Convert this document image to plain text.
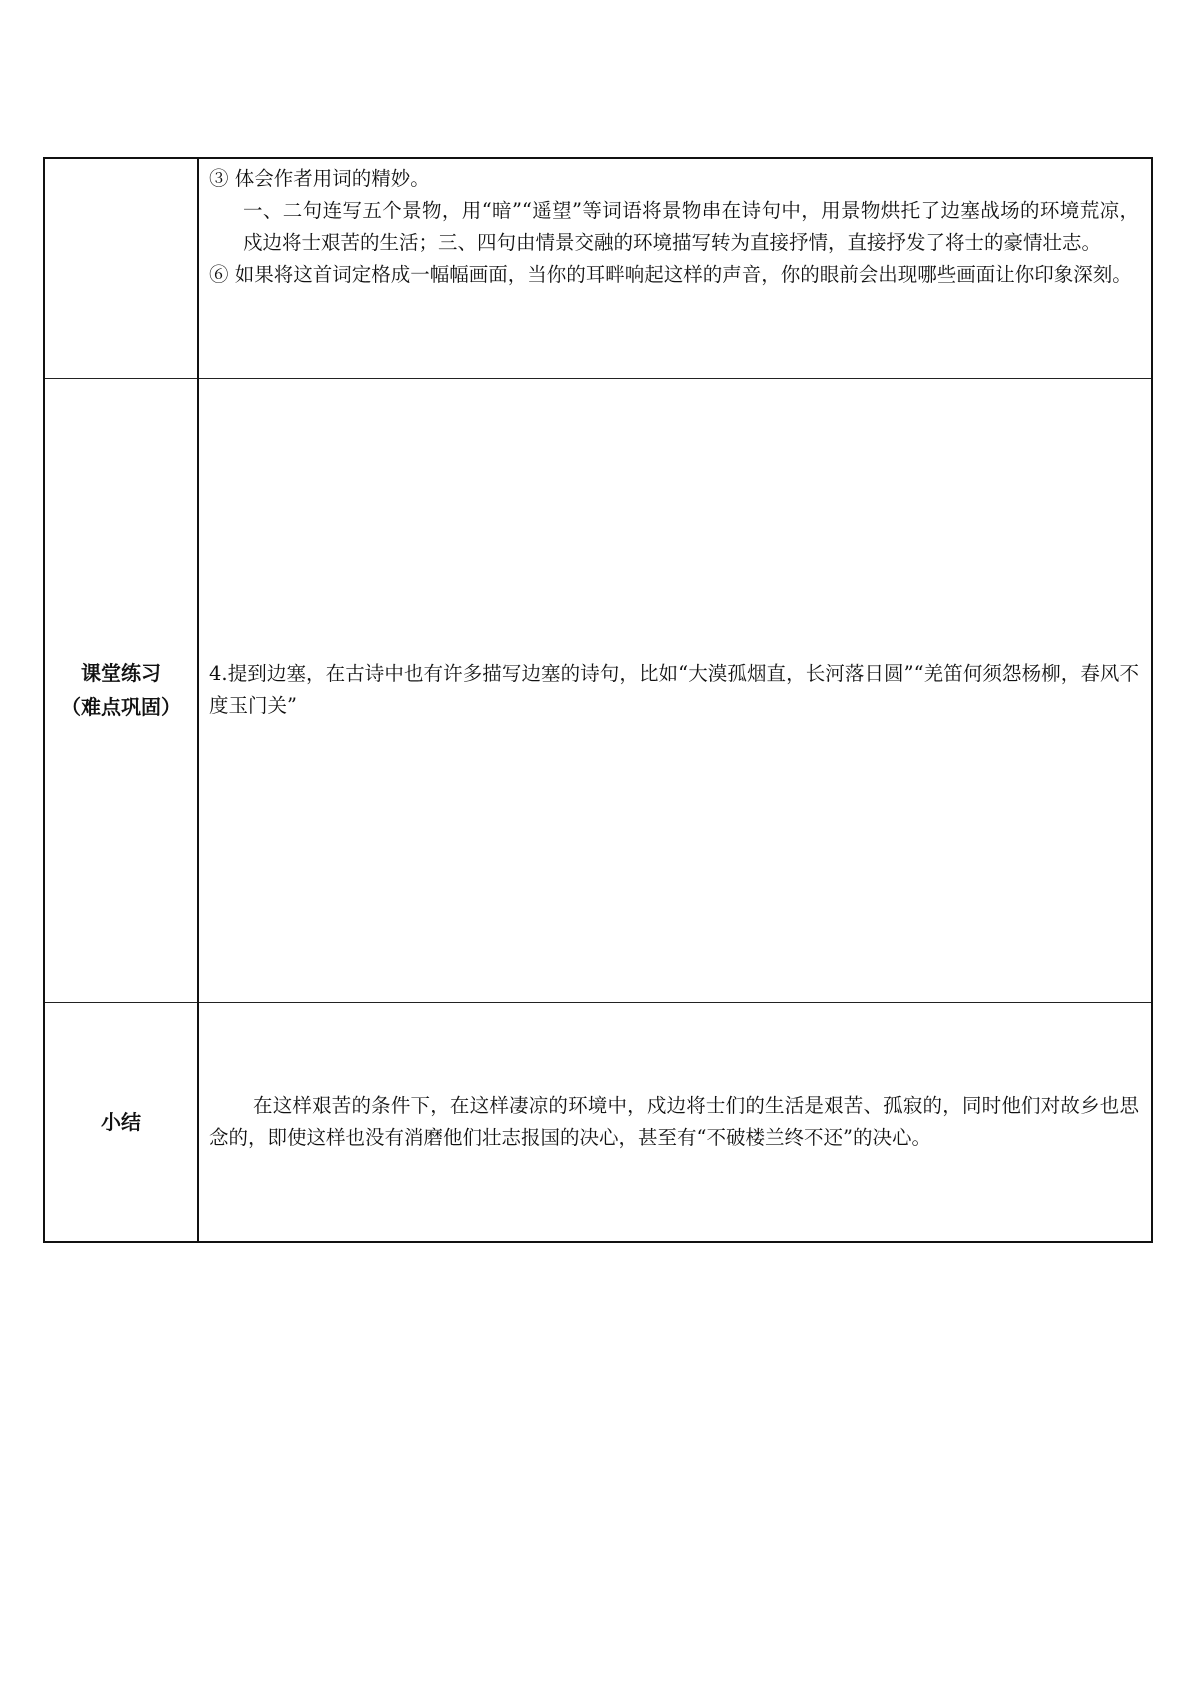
	③ 体会作者用词的精妙。

一、二句连写五个景物，用“暗”“遥望”等词语将景物串在诗句中，用景物烘托了边塞战场的环境荒凉，戍边将士艰苦的生活；三、四句由情景交融的环境描写转为直接抒情，直接抒发了将士的豪情壮志。

⑥ 如果将这首词定格成一幅幅画面，当你的耳畔响起这样的声音，你的眼前会出现哪些画面让你印象深刻。

课堂练习
（难点巩固）	4.提到边塞，在古诗中也有许多描写边塞的诗句，比如“大漠孤烟直，长河落日圆”“羌笛何须怨杨柳，春风不度玉门关”

小结	在这样艰苦的条件下，在这样凄凉的环境中，戍边将士们的生活是艰苦、孤寂的，同时他们对故乡也思念的，即使这样也没有消磨他们壮志报国的决心，甚至有“不破楼兰终不还”的决心。
